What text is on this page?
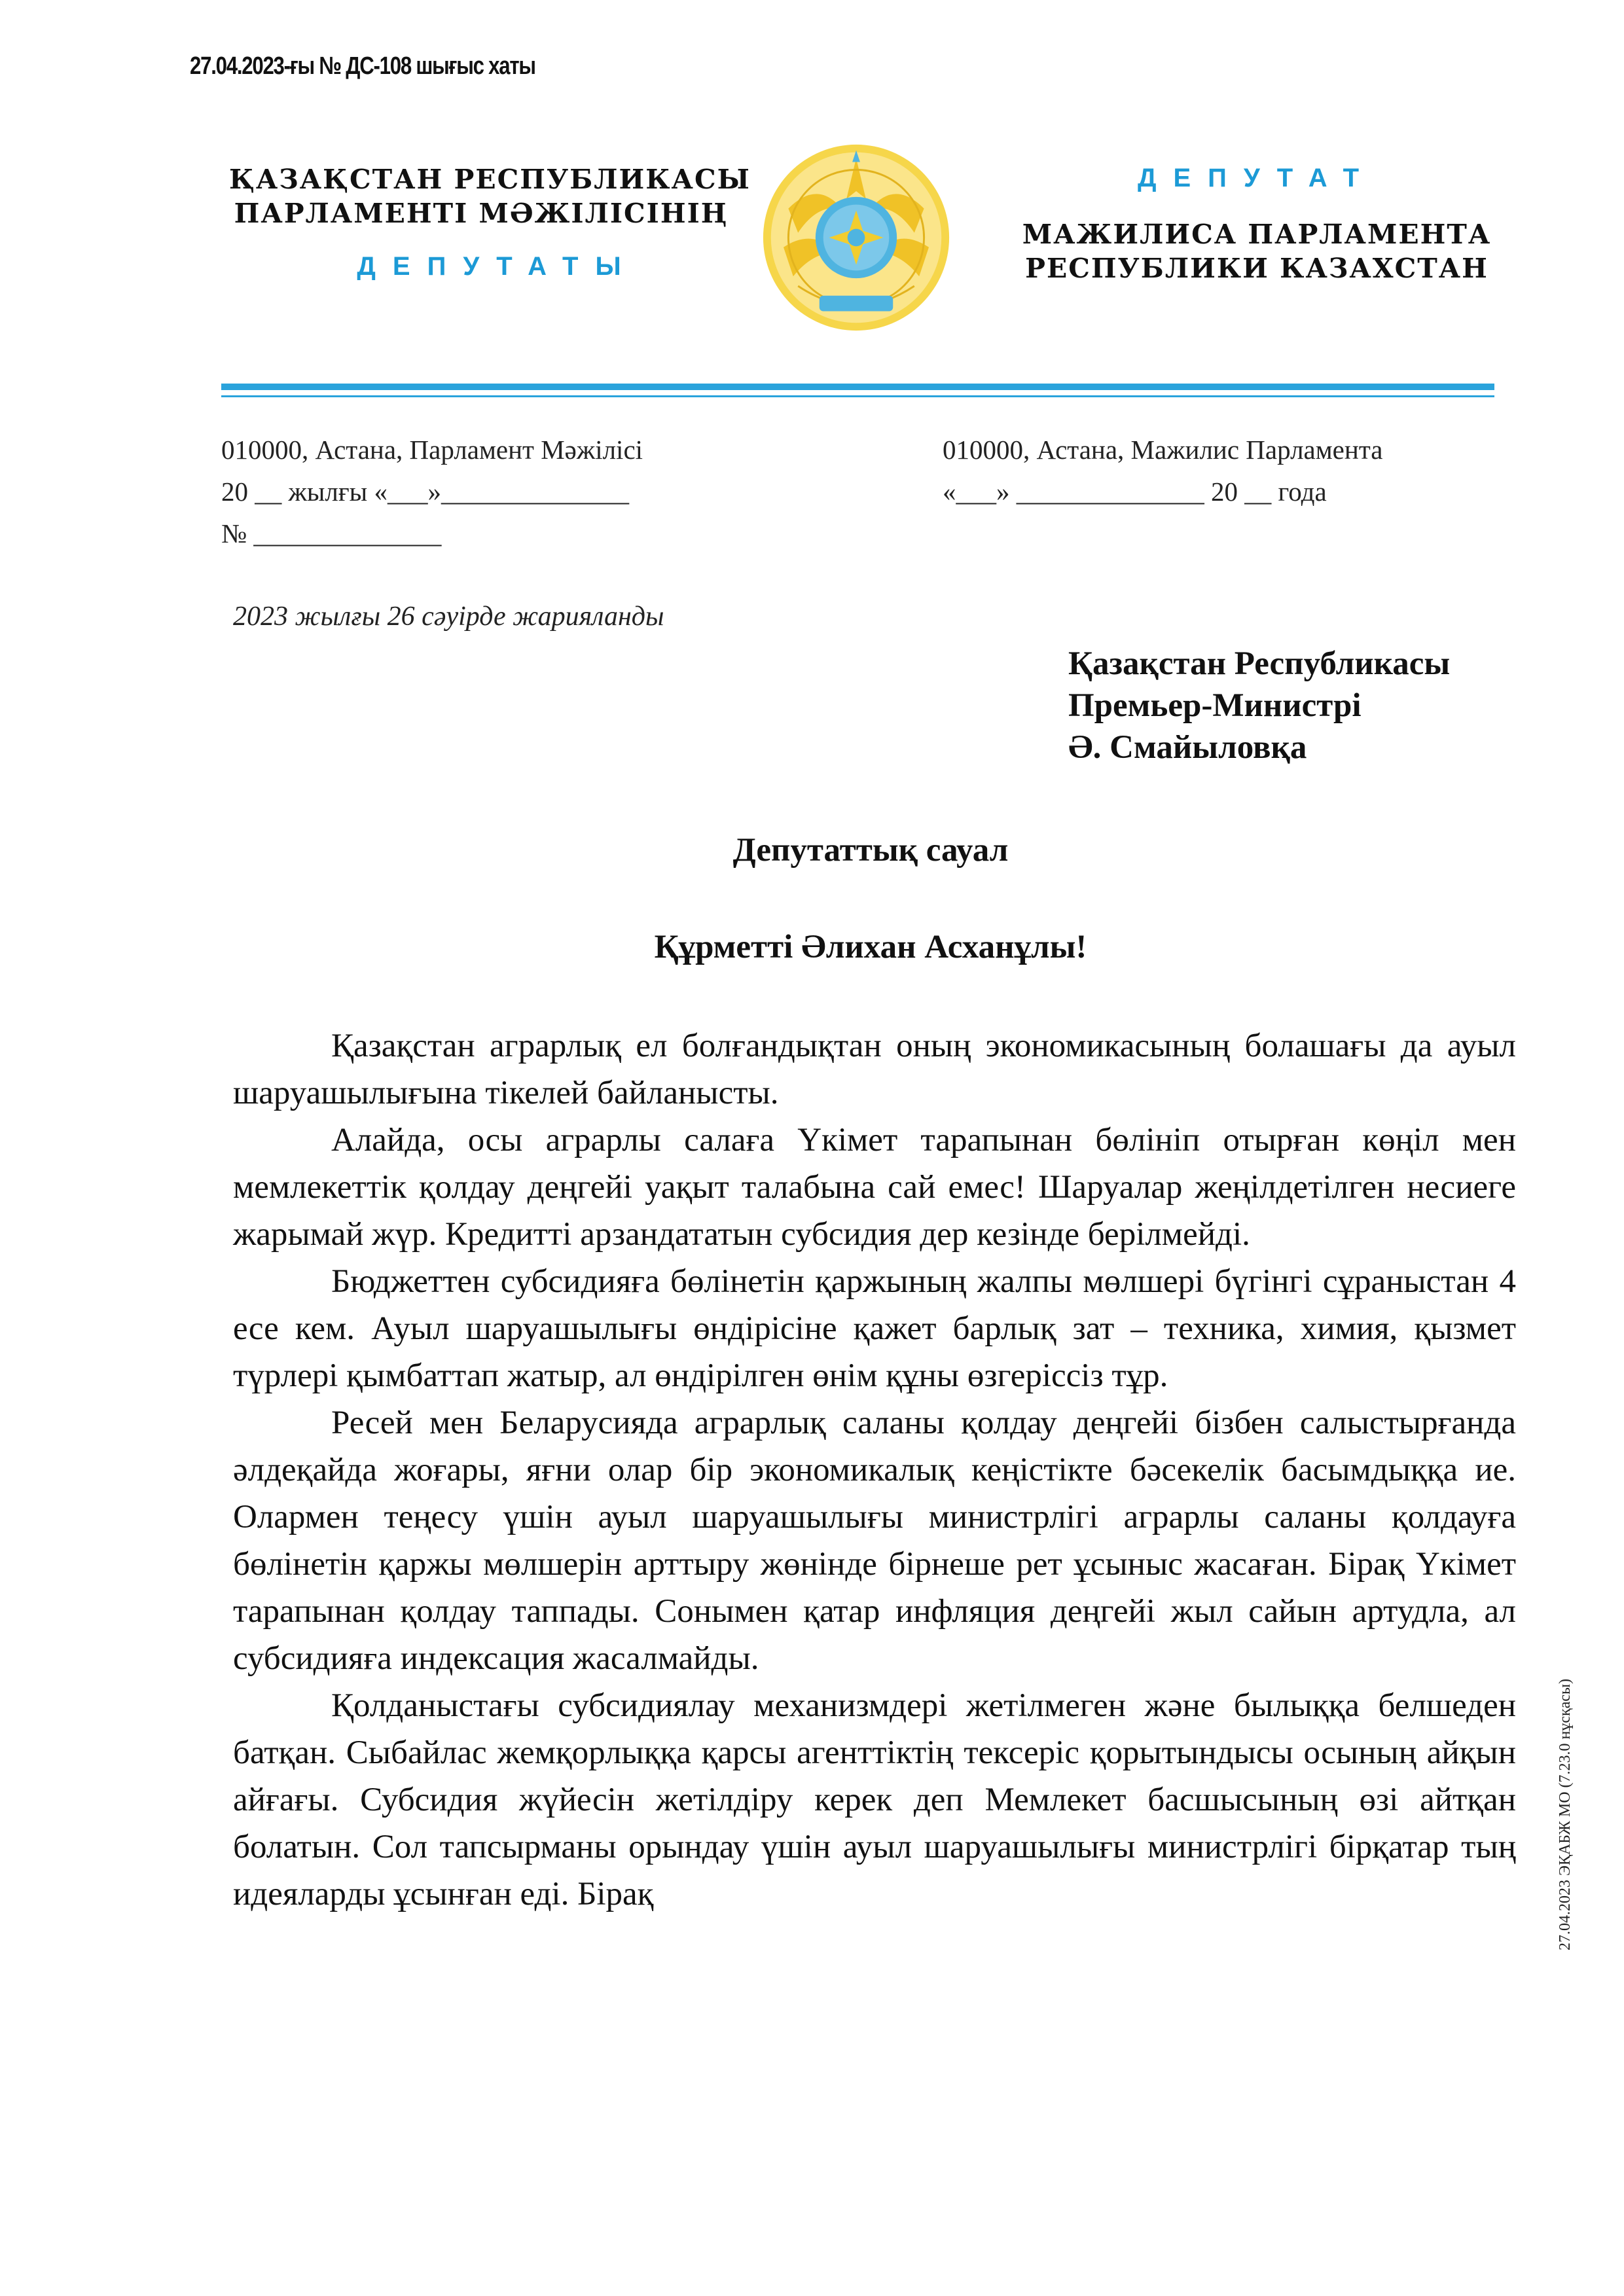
27.04.2023-ғы № ДС-108 шығыс хаты
ҚАЗАҚСТАН РЕСПУБЛИКАСЫ
ПАРЛАМЕНТІ МӘЖІЛІСІНІҢ
ДЕПУТАТЫ
ДЕПУТАТ
МАЖИЛИСА ПАРЛАМЕНТА
РЕСПУБЛИКИ КАЗАХСТАН
010000, Астана, Парламент Мәжілісі
20 __ жылғы «___»______________
№ ______________
010000, Астана, Мажилис Парламента
«___» ______________ 20 __ года
2023 жылғы 26 сәуірде жарияланды
Қазақстан Республикасы
Премьер-Министрі
Ә. Смайыловқа
Депутаттық сауал
Құрметті Әлихан Асханұлы!

Қазақстан аграрлық ел болғандықтан оның экономикасының болашағы да ауыл шаруашылығына тікелей байланысты.

Алайда, осы аграрлы салаға Үкімет тарапынан бөлініп отырған көңіл мен мемлекеттік қолдау деңгейі уақыт талабына сай емес! Шаруалар жеңілдетілген несиеге жарымай жүр. Кредитті арзандататын субсидия дер кезінде берілмейді.

Бюджеттен субсидияға бөлінетін қаржының жалпы мөлшері бүгінгі сұраныстан 4 есе кем. Ауыл шаруашылығы өндірісіне қажет барлық зат – техника, химия, қызмет түрлері қымбаттап жатыр, ал өндірілген өнім құны өзгеріссіз тұр.

Ресей мен Беларусияда аграрлық саланы қолдау деңгейі бізбен салыстырғанда әлдеқайда жоғары, яғни олар бір экономикалық кеңістікте бәсекелік басымдыққа ие. Олармен теңесу үшін ауыл шаруашылығы министрлігі аграрлы саланы қолдауға бөлінетін қаржы мөлшерін арттыру жөнінде бірнеше рет ұсыныс жасаған. Бірақ Үкімет тарапынан қолдау таппады. Сонымен қатар инфляция деңгейі жыл сайын артудла, ал субсидияға индексация жасалмайды.

Қолданыстағы субсидиялау механизмдері жетілмеген және былыққа белшеден батқан. Сыбайлас жемқорлыққа қарсы агенттіктің тексеріс қорытындысы осының айқын айғағы. Субсидия жүйесін жетілдіру керек деп Мемлекет басшысының өзі айтқан болатын. Сол тапсырманы орындау үшін ауыл шаруашылығы министрлігі бірқатар тың идеяларды ұсынған еді. Бірақ	27.04.2023 ЭҚАБЖ МО (7.23.0 нұсқасы)
